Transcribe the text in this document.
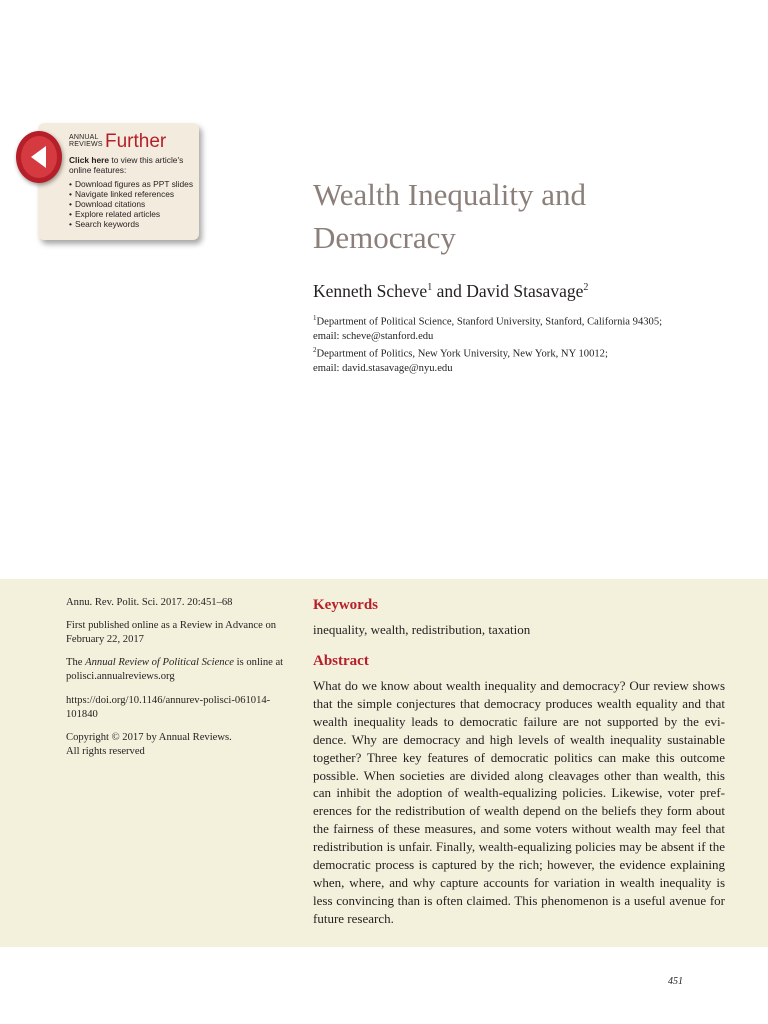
ANNUAL
REVIEWS Further
Click here to view this article's online features:
• Download figures as PPT slides
• Navigate linked references
• Download citations
• Explore related articles
• Search keywords
Wealth Inequality and Democracy
Kenneth Scheve$^1$ and David Stasavage$^2$
$^1$Department of Political Science, Stanford University, Stanford, California 94305;
email: scheve@stanford.edu
$^2$Department of Politics, New York University, New York, NY 10012;
email: david.stasavage@nyu.edu
Annu. Rev. Polit. Sci. 2017. 20:451–68
First published online as a Review in Advance on February 22, 2017
The Annual Review of Political Science is online at polisci.annualreviews.org
https://doi.org/10.1146/annurev-polisci-061014-101840
Copyright © 2017 by Annual Reviews.
All rights reserved
Keywords
inequality, wealth, redistribution, taxation
Abstract

What do we know about wealth inequality and democracy? Our review shows that the simple conjectures that democracy produces wealth equality and that wealth inequality leads to democratic failure are not supported by the evidence. Why are democracy and high levels of wealth inequality sustainable together? Three key features of democratic politics can make this outcome possible. When societies are divided along cleavages other than wealth, this can inhibit the adoption of wealth-equalizing policies. Likewise, voter preferences for the redistribution of wealth depend on the beliefs they form about the fairness of these measures, and some voters without wealth may feel that redistribution is unfair. Finally, wealth-equalizing policies may be absent if the democratic process is captured by the rich; however, the evidence explaining when, where, and why capture accounts for variation in wealth inequality is less convincing than is often claimed. This phenomenon is a useful avenue for future research.

451
